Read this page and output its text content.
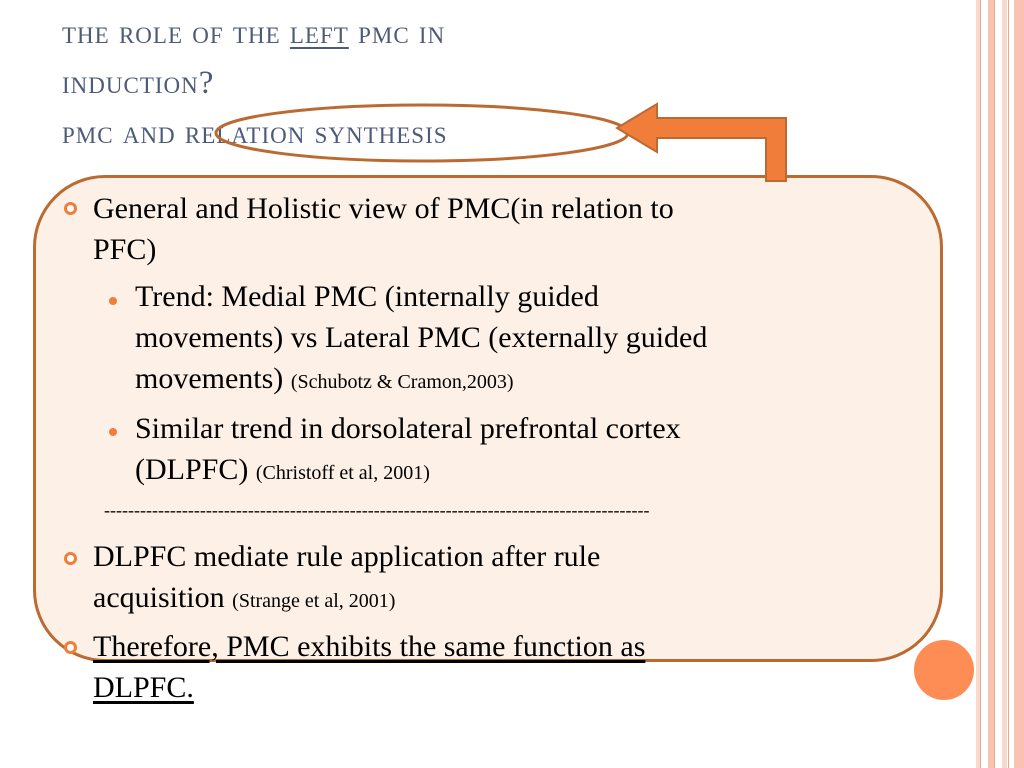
the role of the left pmc in
induction?
pmc and relation synthesis
General and Holistic view of PMC(in relation to
PFC)
Trend: Medial PMC (internally guided
movements) vs Lateral PMC (externally guided
movements) (Schubotz & Cramon,2003)
Similar trend in dorsolateral prefrontal cortex
(DLPFC) (Christoff et al, 2001)
-------------------------------------------------------------------------------------------
DLPFC mediate rule application after rule
acquisition (Strange et al, 2001)
Therefore, PMC exhibits the same function as
DLPFC.
